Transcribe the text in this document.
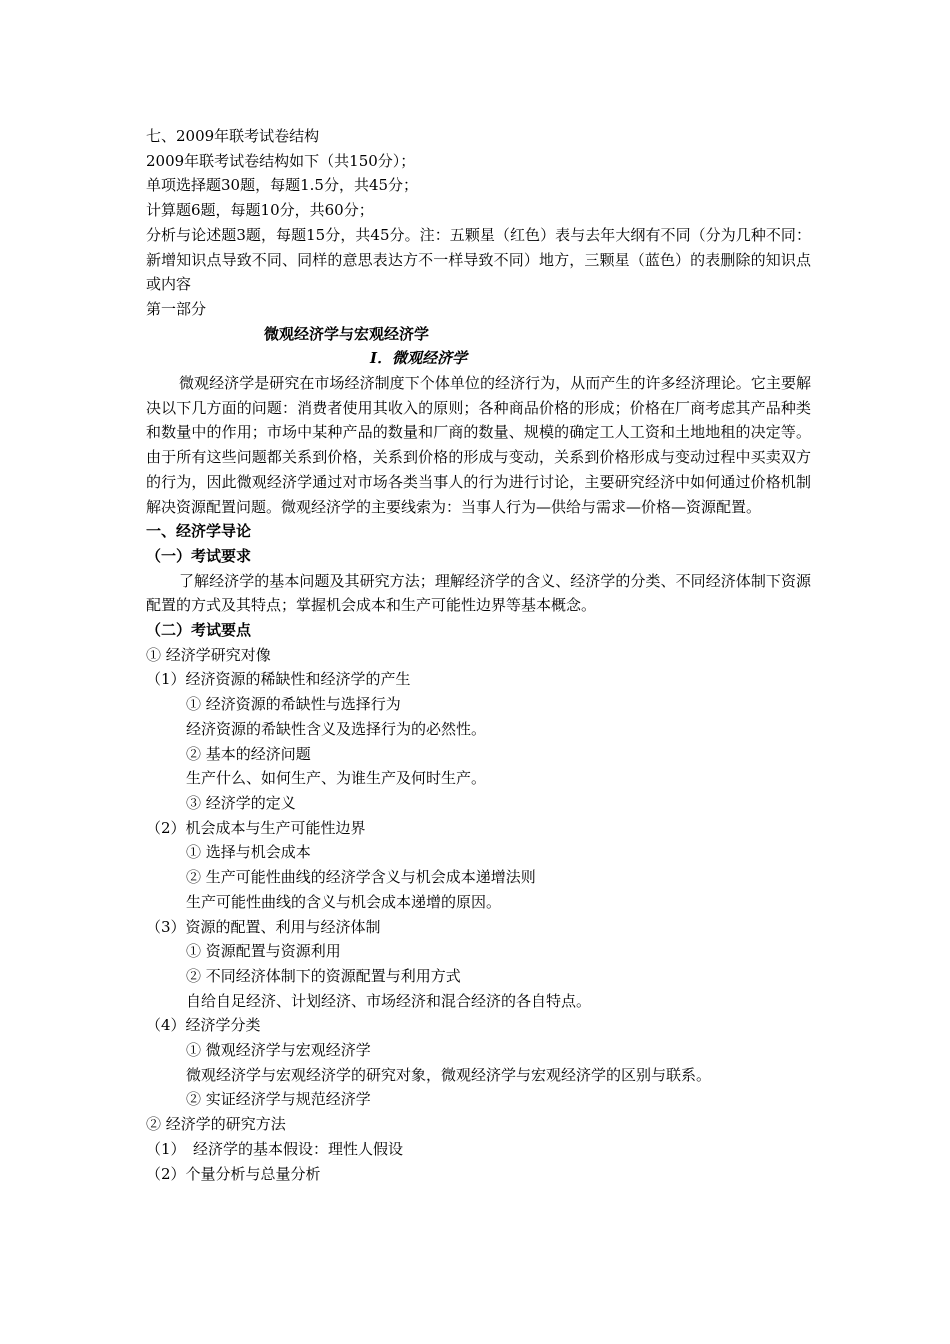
七、2009年联考试卷结构
2009年联考试卷结构如下（共150分）；
单项选择题30题，每题1.5分，共45分；
计算题6题，每题10分，共60分；
分析与论述题3题，每题15分，共45分。注：五颗星（红色）表与去年大纲有不同（分为几种不同：新增知识点导致不同、同样的意思表达方不一样导致不同）地方，三颗星（蓝色）的表删除的知识点或内容
第一部分
微观经济学与宏观经济学
Ⅰ．微观经济学
微观经济学是研究在市场经济制度下个体单位的经济行为，从而产生的许多经济理论。它主要解决以下几方面的问题：消费者使用其收入的原则；各种商品价格的形成；价格在厂商考虑其产品种类和数量中的作用；市场中某种产品的数量和厂商的数量、规模的确定工人工资和土地地租的决定等。由于所有这些问题都关系到价格，关系到价格的形成与变动，关系到价格形成与变动过程中买卖双方的行为，因此微观经济学通过对市场各类当事人的行为进行讨论，主要研究经济中如何通过价格机制解决资源配置问题。微观经济学的主要线索为：当事人行为—供给与需求—价格—资源配置。
一、经济学导论
（一）考试要求
了解经济学的基本问题及其研究方法；理解经济学的含义、经济学的分类、不同经济体制下资源配置的方式及其特点；掌握机会成本和生产可能性边界等基本概念。
（二）考试要点
① 经济学研究对像
（1）经济资源的稀缺性和经济学的产生
① 经济资源的希缺性与选择行为
经济资源的希缺性含义及选择行为的必然性。
② 基本的经济问题
生产什么、如何生产、为谁生产及何时生产。
③ 经济学的定义
（2）机会成本与生产可能性边界
① 选择与机会成本
② 生产可能性曲线的经济学含义与机会成本递增法则
生产可能性曲线的含义与机会成本递增的原因。
（3）资源的配置、利用与经济体制
① 资源配置与资源利用
② 不同经济体制下的资源配置与利用方式
自给自足经济、计划经济、市场经济和混合经济的各自特点。
（4）经济学分类
① 微观经济学与宏观经济学
微观经济学与宏观经济学的研究对象，微观经济学与宏观经济学的区别与联系。
② 实证经济学与规范经济学
② 经济学的研究方法
（1）　经济学的基本假设：理性人假设
（2）个量分析与总量分析
